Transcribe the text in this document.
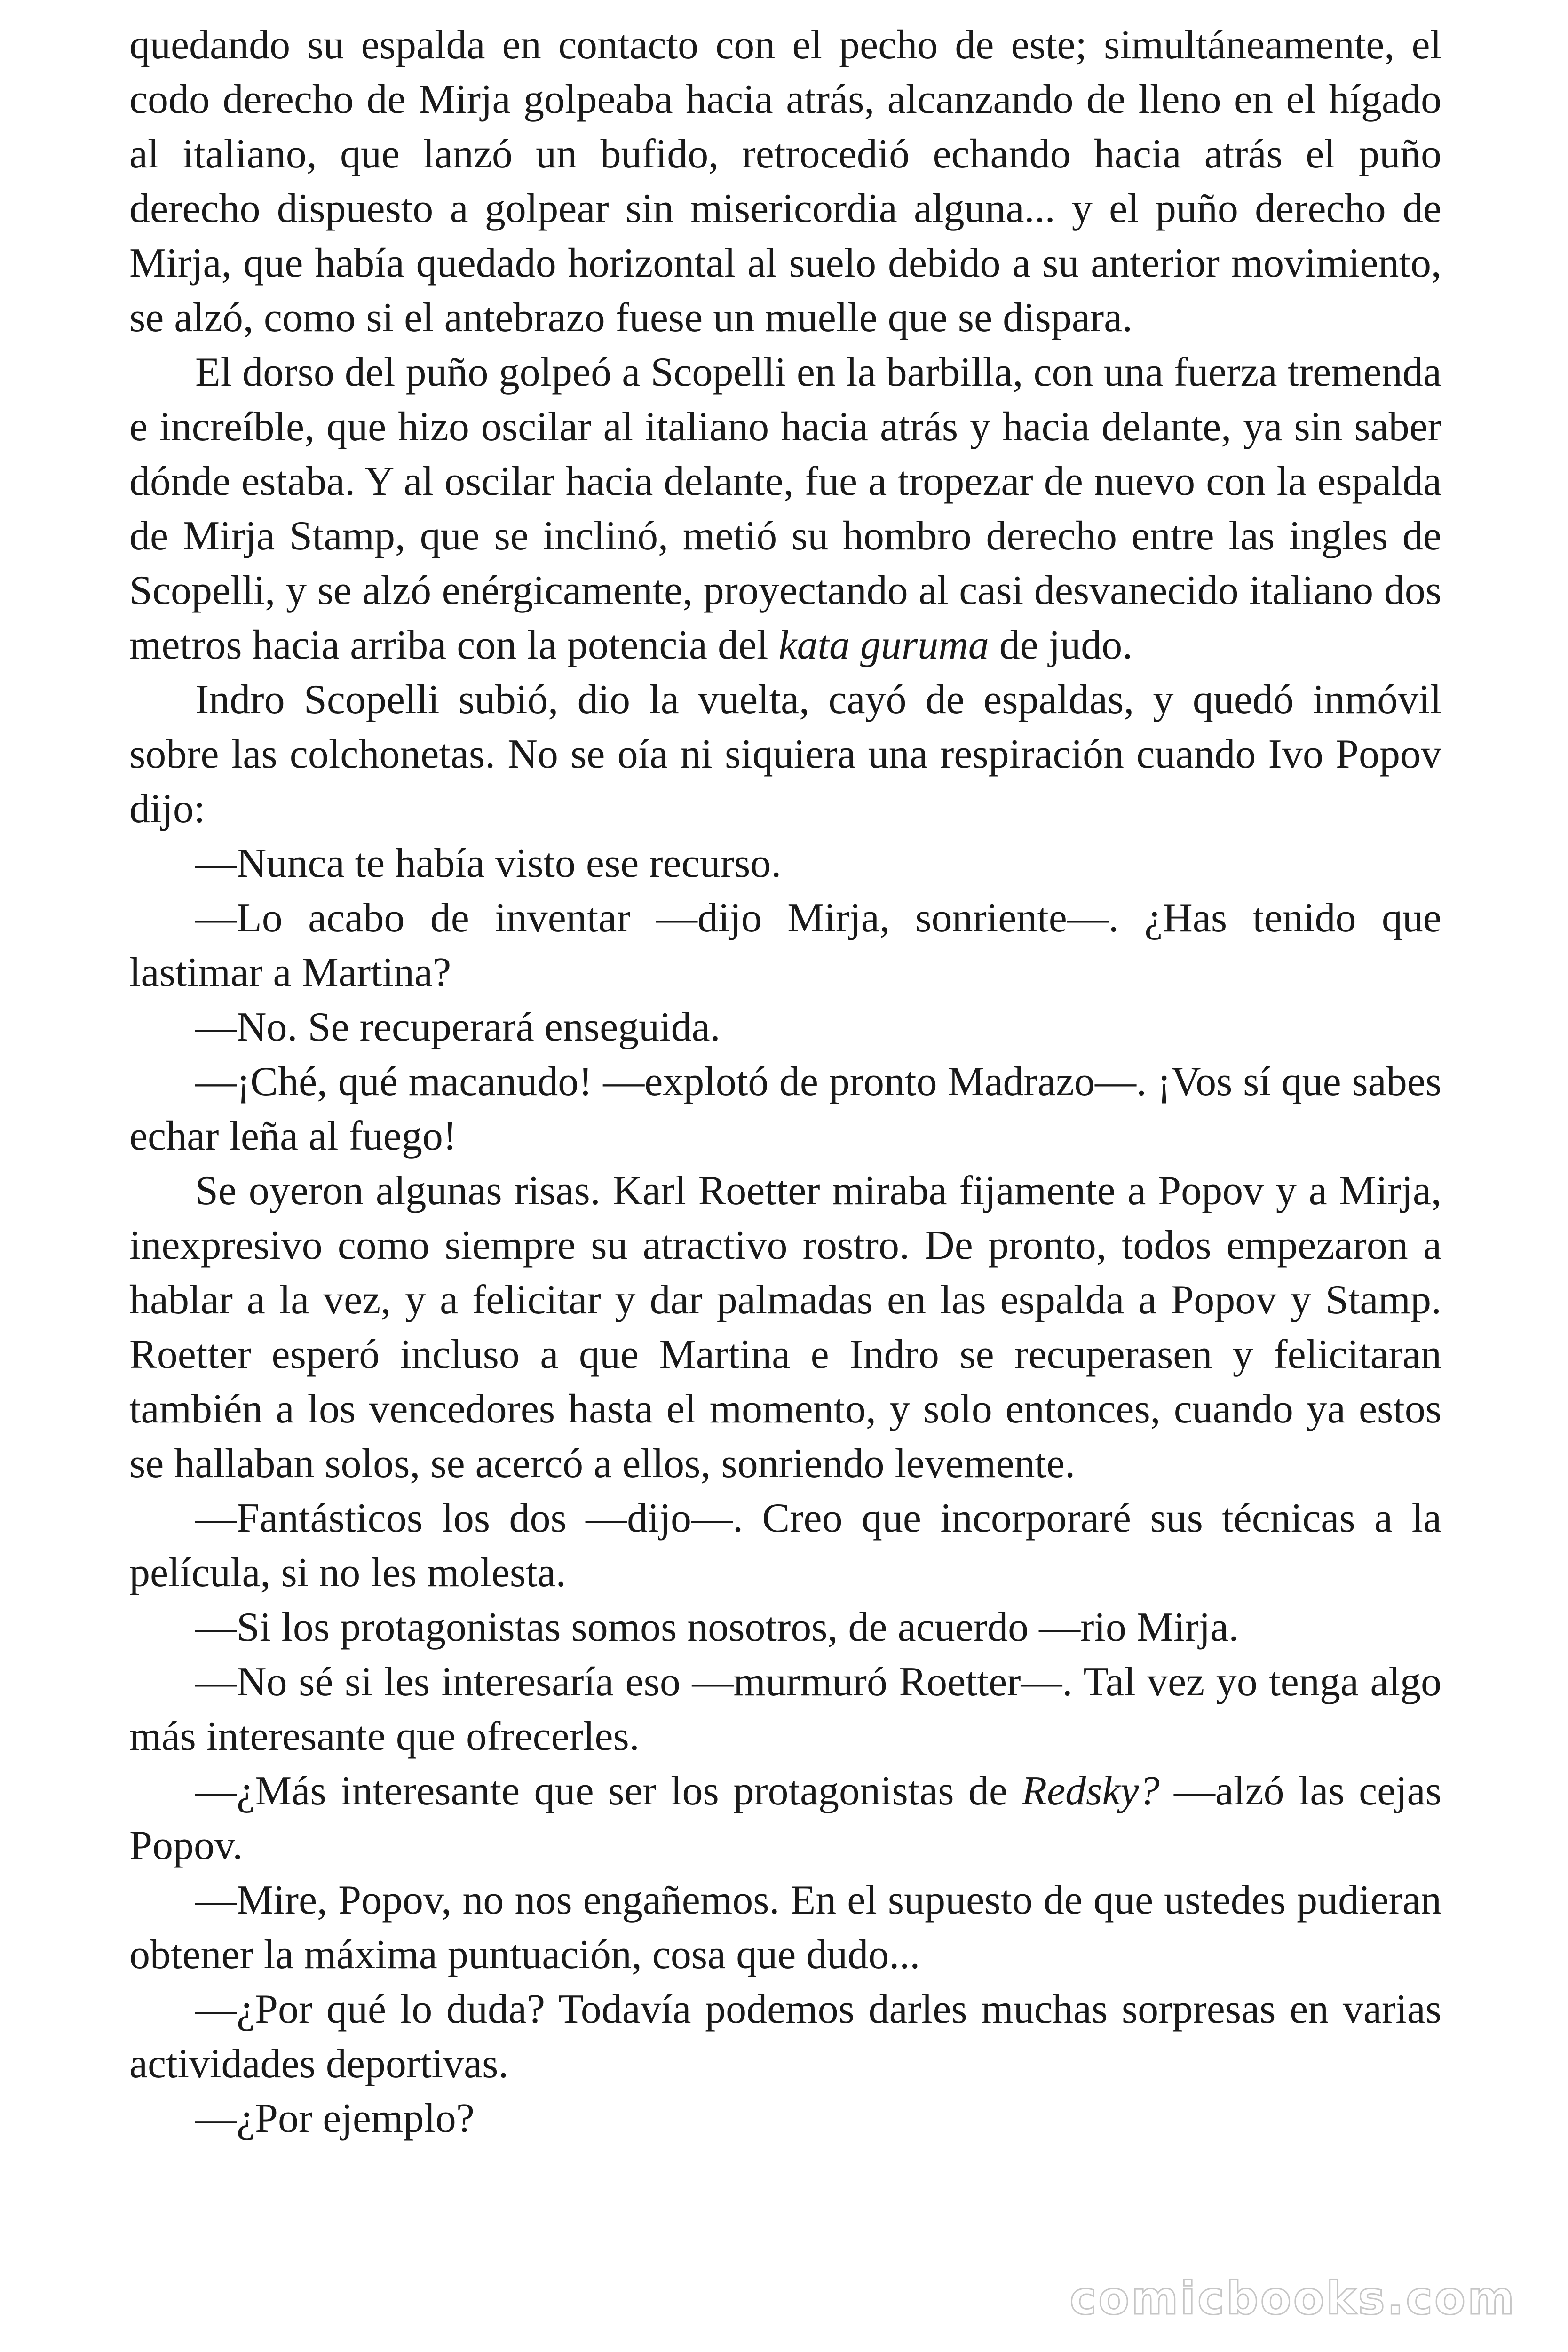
quedando su espalda en contacto con el pecho de este; simultáneamente, el codo derecho de Mirja golpeaba hacia atrás, alcanzando de lleno en el hígado al italiano, que lanzó un bufido, retrocedió echando hacia atrás el puño derecho dispuesto a golpear sin misericordia alguna... y el puño derecho de Mirja, que había quedado horizontal al suelo debido a su anterior movimiento, se alzó, como si el antebrazo fuese un muelle que se dispara.

El dorso del puño golpeó a Scopelli en la barbilla, con una fuerza tremenda e increíble, que hizo oscilar al italiano hacia atrás y hacia delante, ya sin saber dónde estaba. Y al oscilar hacia delante, fue a tropezar de nuevo con la espalda de Mirja Stamp, que se inclinó, metió su hombro derecho entre las ingles de Scopelli, y se alzó enérgicamente, proyectando al casi desvanecido italiano dos metros hacia arriba con la potencia del kata guruma de judo.

Indro Scopelli subió, dio la vuelta, cayó de espaldas, y quedó inmóvil sobre las colchonetas. No se oía ni siquiera una respiración cuando Ivo Popov dijo:

—Nunca te había visto ese recurso.

—Lo acabo de inventar —dijo Mirja, sonriente—. ¿Has tenido que lastimar a Martina?

—No. Se recuperará enseguida.

—¡Ché, qué macanudo! —explotó de pronto Madrazo—. ¡Vos sí que sabes echar leña al fuego!

Se oyeron algunas risas. Karl Roetter miraba fijamente a Popov y a Mirja, inexpresivo como siempre su atractivo rostro. De pronto, todos empezaron a hablar a la vez, y a felicitar y dar palmadas en las espalda a Popov y Stamp. Roetter esperó incluso a que Martina e Indro se recuperasen y felicitaran también a los vencedores hasta el momento, y solo entonces, cuando ya estos se hallaban solos, se acercó a ellos, sonriendo levemente.

—Fantásticos los dos —dijo—. Creo que incorporaré sus técnicas a la película, si no les molesta.

—Si los protagonistas somos nosotros, de acuerdo —rio Mirja.

—No sé si les interesaría eso —murmuró Roetter—. Tal vez yo tenga algo más interesante que ofrecerles.

—¿Más interesante que ser los protagonistas de Redsky? —alzó las cejas Popov.

—Mire, Popov, no nos engañemos. En el supuesto de que ustedes pudieran obtener la máxima puntuación, cosa que dudo...

—¿Por qué lo duda? Todavía podemos darles muchas sorpresas en varias actividades deportivas.

—¿Por ejemplo?

comicbooks.com
